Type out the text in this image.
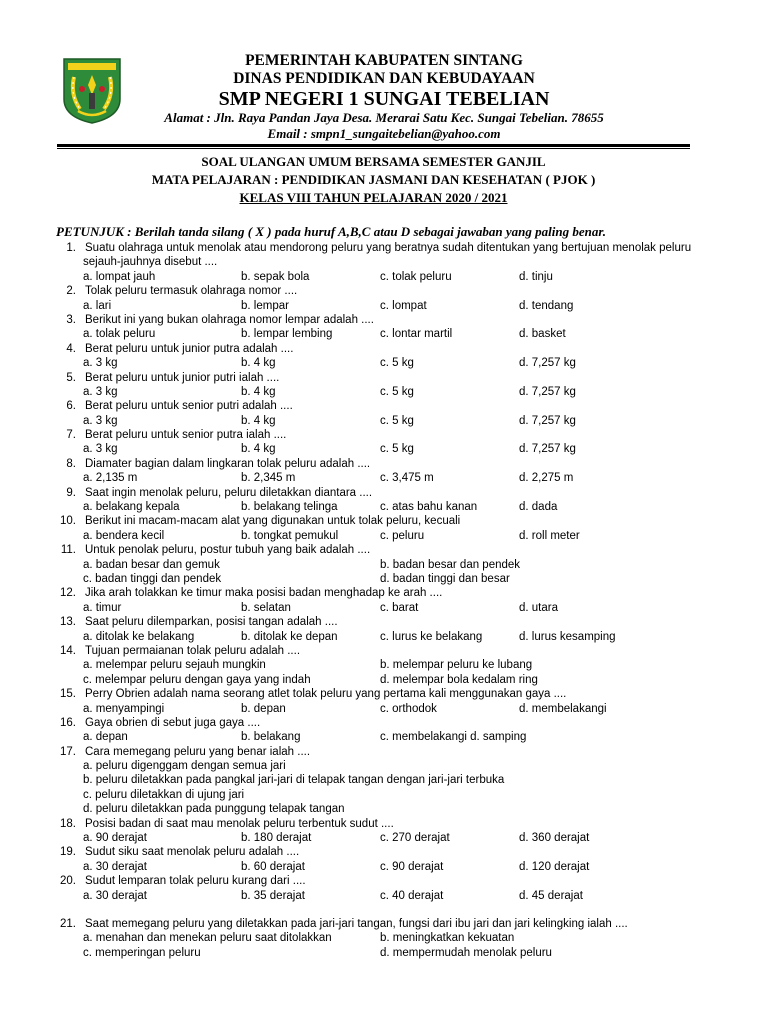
PEMERINTAH KABUPATEN SINTANG
DINAS PENDIDIKAN DAN KEBUDAYAAN
SMP NEGERI 1 SUNGAI TEBELIAN
Alamat : Jln. Raya Pandan Jaya Desa. Merarai Satu Kec. Sungai Tebelian. 78655
Email : smpn1_sungaitebelian@yahoo.com
SOAL ULANGAN UMUM BERSAMA SEMESTER GANJIL
MATA PELAJARAN : PENDIDIKAN JASMANI DAN KESEHATAN ( PJOK )
KELAS VIII TAHUN PELAJARAN 2020 / 2021
PETUNJUK : Berilah tanda silang ( X ) pada huruf A,B,C atau D sebagai jawaban yang paling benar.
1. Suatu olahraga untuk menolak atau mendorong peluru yang beratnya sudah ditentukan yang bertujuan menolak peluru
sejauh-jauhnya disebut ....
a. lompat jauh	b. sepak bola	c. tolak peluru	d. tinju
2. Tolak peluru termasuk olahraga nomor ....
a. lari	b. lempar	c. lompat	d. tendang
3. Berikut ini yang bukan olahraga nomor lempar adalah ....
a. tolak peluru	b. lempar lembing	c. lontar martil	d. basket
4. Berat peluru untuk junior putra adalah ....
a. 3 kg	b. 4 kg	c. 5 kg	d. 7,257 kg
5. Berat peluru untuk junior putri ialah ....
a. 3 kg	b. 4 kg	c. 5 kg	d. 7,257 kg
6. Berat peluru untuk senior putri adalah ....
a. 3 kg	b. 4 kg	c. 5 kg	d. 7,257 kg
7. Berat peluru untuk senior putra ialah ....
a. 3 kg	b. 4 kg	c. 5 kg	d. 7,257 kg
8. Diamater bagian dalam lingkaran tolak peluru adalah ....
a. 2,135 m	b. 2,345 m	c. 3,475 m	d. 2,275 m
9. Saat ingin menolak peluru, peluru diletakkan diantara ....
a. belakang kepala	b. belakang telinga	c. atas bahu kanan	d. dada
10. Berikut ini macam-macam alat yang digunakan untuk tolak peluru, kecuali
a. bendera kecil	b. tongkat pemukul	c. peluru	d. roll meter
11. Untuk penolak peluru, postur tubuh yang baik adalah ....
a. badan besar dan gemuk	b. badan besar dan pendek
c. badan tinggi dan pendek	d. badan tinggi dan besar
12. Jika arah tolakkan ke timur maka posisi badan menghadap ke arah ....
a. timur	b. selatan	c. barat	d. utara
13. Saat peluru dilemparkan, posisi tangan adalah ....
a. ditolak ke belakang	b. ditolak ke depan	c. lurus ke belakang	d. lurus kesamping
14. Tujuan permaianan tolak peluru adalah ....
a. melempar peluru sejauh mungkin	b. melempar peluru ke lubang
c. melempar peluru dengan gaya yang indah	d. melempar bola kedalam ring
15. Perry Obrien adalah nama seorang atlet tolak peluru yang pertama kali menggunakan gaya ....
a. menyampingi	b. depan	c. orthodok	d. membelakangi
16. Gaya obrien di sebut juga gaya ....
a. depan	b. belakang	c. membelakangi d. samping
17. Cara memegang peluru yang benar ialah ....
a. peluru digenggam dengan semua jari
b. peluru diletakkan pada pangkal jari-jari di telapak tangan dengan jari-jari terbuka
c. peluru diletakkan di ujung jari
d. peluru diletakkan pada punggung telapak tangan
18. Posisi badan di saat mau menolak peluru terbentuk sudut ....
a. 90 derajat	b. 180 derajat	c. 270 derajat	d. 360 derajat
19. Sudut siku saat menolak peluru adalah ....
a. 30 derajat	b. 60 derajat	c. 90 derajat	d. 120 derajat
20. Sudut lemparan tolak peluru kurang dari ....
a. 30 derajat	b. 35 derajat	c. 40 derajat	d. 45 derajat
21. Saat memegang peluru yang diletakkan pada jari-jari tangan, fungsi dari ibu jari dan jari kelingking ialah ....
a. menahan dan menekan peluru saat ditolakkan	b. meningkatkan kekuatan
c. memperingan peluru	d. mempermudah menolak peluru
